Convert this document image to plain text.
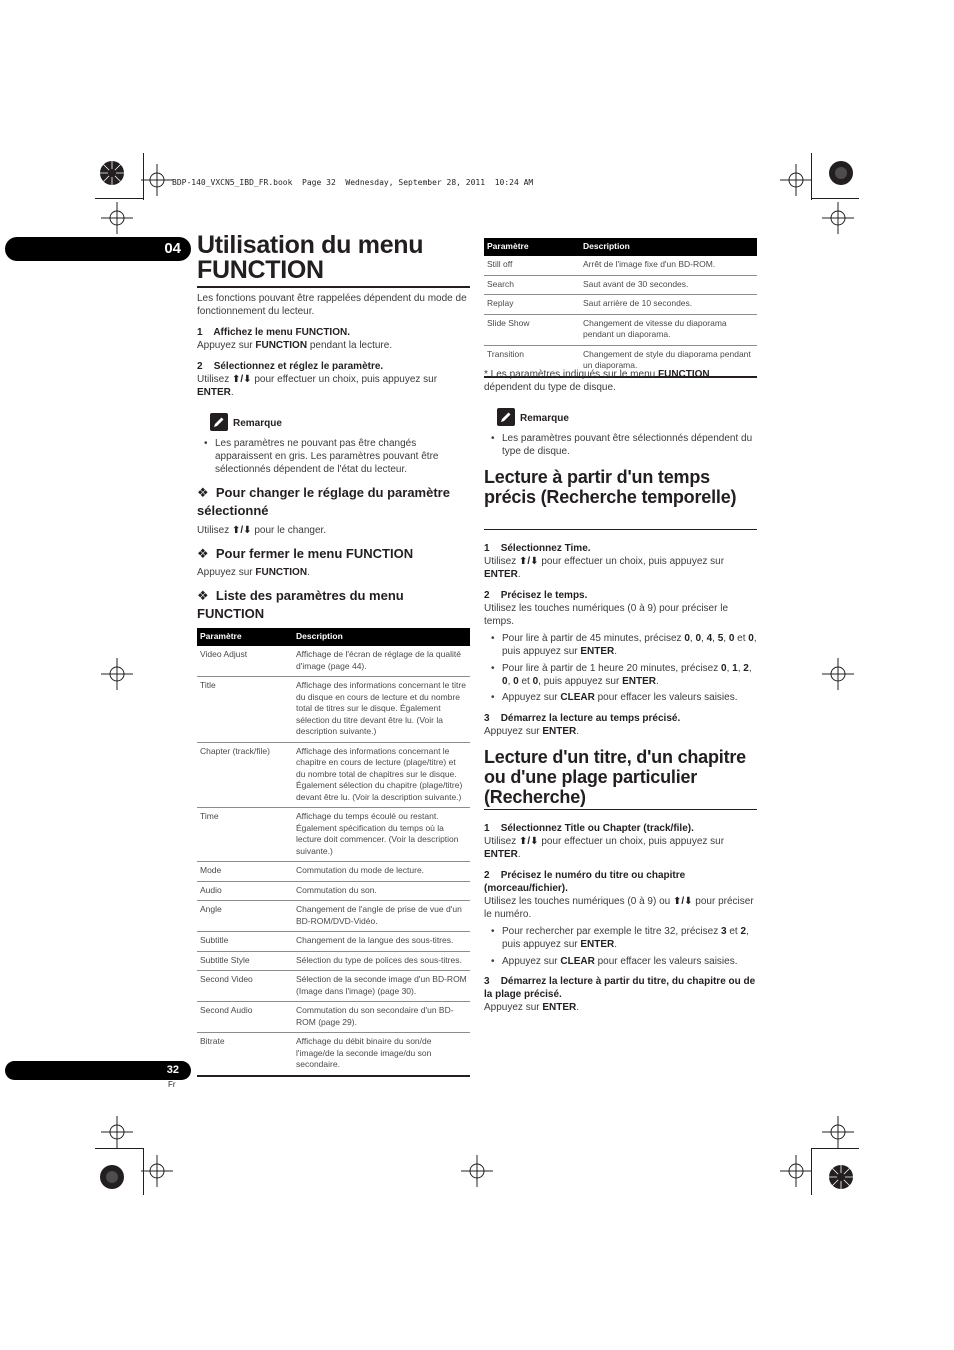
BDP-140_VXCN5_IBD_FR.book  Page 32  Wednesday, September 28, 2011  10:24 AM
04
32
Fr
Utilisation du menu FUNCTION
Les fonctions pouvant être rappelées dépendent du mode de fonctionnement du lecteur.
1 Affichez le menu FUNCTION.
Appuyez sur FUNCTION pendant la lecture.
2 Sélectionnez et réglez le paramètre.
Utilisez ⬆/⬇ pour effectuer un choix, puis appuyez sur ENTER.
Remarque
• Les paramètres ne pouvant pas être changés apparaissent en gris. Les paramètres pouvant être sélectionnés dépendent de l'état du lecteur.
❖  Pour changer le réglage du paramètre sélectionné
Utilisez ⬆/⬇ pour le changer.
❖  Pour fermer le menu FUNCTION
Appuyez sur FUNCTION.
❖  Liste des paramètres du menu FUNCTION
Paramètre	Description
Video Adjust	Affichage de l'écran de réglage de la qualité d'image (page 44).
Title	Affichage des informations concernant le titre du disque en cours de lecture et du nombre total de titres sur le disque. Également sélection du titre devant être lu. (Voir la description suivante.)
Chapter (track/file)	Affichage des informations concernant le chapitre en cours de lecture (plage/titre) et du nombre total de chapitres sur le disque. Également sélection du chapitre (plage/titre) devant être lu. (Voir la description suivante.)
Time	Affichage du temps écoulé ou restant. Également spécification du temps où la lecture doit commencer. (Voir la description suivante.)
Mode	Commutation du mode de lecture.
Audio	Commutation du son.
Angle	Changement de l'angle de prise de vue d'un BD-ROM/DVD-Vidéo.
Subtitle	Changement de la langue des sous-titres.
Subtitle Style	Sélection du type de polices des sous-titres.
Second Video	Sélection de la seconde image d'un BD-ROM (Image dans l'image) (page 30).
Second Audio	Commutation du son secondaire d'un BD-ROM (page 29).
Bitrate	Affichage du débit binaire du son/de l'image/de la seconde image/du son secondaire.
Paramètre	Description
Still off	Arrêt de l'image fixe d'un BD-ROM.
Search	Saut avant de 30 secondes.
Replay	Saut arrière de 10 secondes.
Slide Show	Changement de vitesse du diaporama pendant un diaporama.
Transition	Changement de style du diaporama pendant un diaporama.
* Les paramètres indiqués sur le menu FUNCTION dépendent du type de disque.
Remarque
• Les paramètres pouvant être sélectionnés dépendent du type de disque.
Lecture à partir d'un temps précis (Recherche temporelle)
1 Sélectionnez Time.
Utilisez ⬆/⬇ pour effectuer un choix, puis appuyez sur ENTER.
2 Précisez le temps.
Utilisez les touches numériques (0 à 9) pour préciser le temps.
• Pour lire à partir de 45 minutes, précisez 0, 0, 4, 5, 0 et 0, puis appuyez sur ENTER.
• Pour lire à partir de 1 heure 20 minutes, précisez 0, 1, 2, 0, 0 et 0, puis appuyez sur ENTER.
• Appuyez sur CLEAR pour effacer les valeurs saisies.
3 Démarrez la lecture au temps précisé.
Appuyez sur ENTER.
Lecture d'un titre, d'un chapitre ou d'une plage particulier (Recherche)
1 Sélectionnez Title ou Chapter (track/file).
Utilisez ⬆/⬇ pour effectuer un choix, puis appuyez sur ENTER.
2 Précisez le numéro du titre ou chapitre (morceau/fichier).
Utilisez les touches numériques (0 à 9) ou ⬆/⬇ pour préciser le numéro.
• Pour rechercher par exemple le titre 32, précisez 3 et 2, puis appuyez sur ENTER.
• Appuyez sur CLEAR pour effacer les valeurs saisies.
3 Démarrez la lecture à partir du titre, du chapitre ou de la plage précisé.
Appuyez sur ENTER.
